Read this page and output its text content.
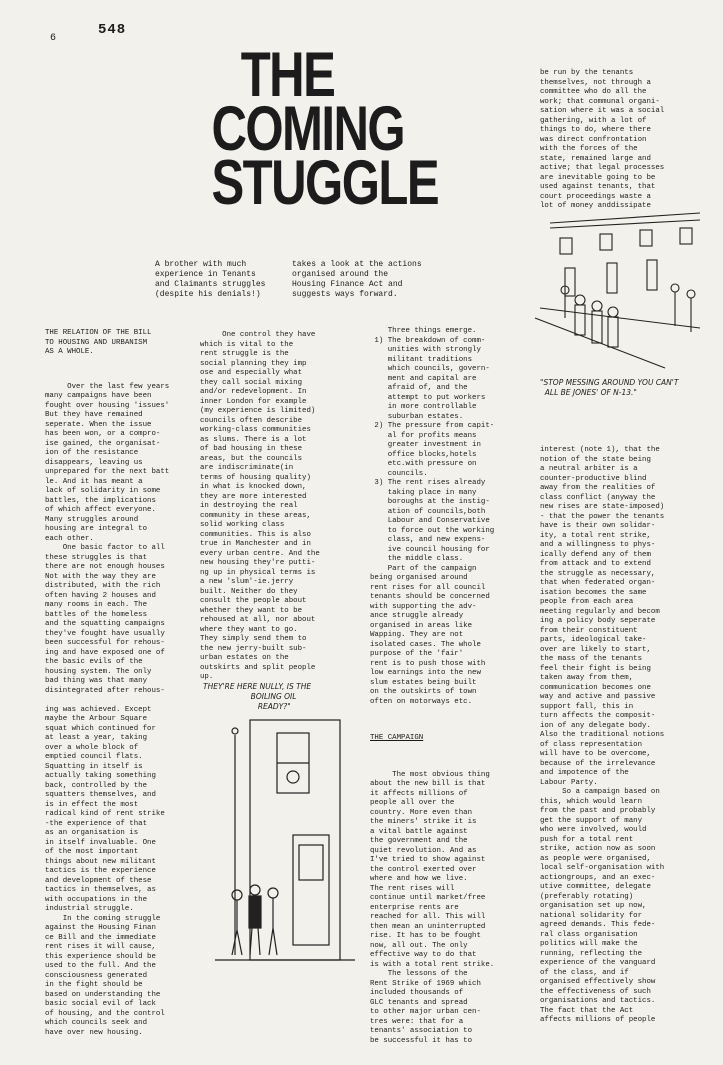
6
548
THE
COMING
STUGGLE
A brother with much
experience in Tenants
and Claimants struggles
(despite his denials!)
takes a look at the actions
organised around the
Housing Finance Act and
suggests ways forward.

THE RELATION OF THE BILL
TO HOUSING AND URBANISM
AS A WHOLE.

Over the last few years
many campaigns have been
fought over housing 'issues'
But they have remained
seperate. When the issue
has been won, or a compro-
ise gained, the organisat-
ion of the resistance
disappears, leaving us
unprepared for the next batt
le. And it has meant a
lack of solidarity in some
battles, the implications
of which affect everyone.
Many struggles around
housing are integral to
each other.
One basic factor to all
these struggles is that
there are not enough houses
Not with the way they are
distributed, with the rich
often having 2 houses and
many rooms in each. The
battles of the homeless
and the squatting campaigns
they've fought have usually
been successful for rehous-
ing and have exposed one of
the basic evils of the
housing system. The only
bad thing was that many
disintegrated after rehous-

ing was achieved. Except
maybe the Arbour Square
squat which continued for
at least a year, taking
over a whole block of
emptied council flats.
Squatting in itself is
actually taking something
back, controlled by the
squatters themselves, and
is in effect the most
radical kind of rent strike
-the experience of that
as an organisation is
in itself invaluable. One
of the most important
things about new militant
tactics is the experience
and development of these
tactics in themselves, as
with occupations in the
industrial struggle.
In the coming struggle
against the Housing Finan
ce Bill and the immediate
rent rises it will cause,
this experience should be
used to the full. And the
consciousness generated
in the fight should be
based on understanding the
basic social evil of lack
of housing, and the control
which councils seek and
have over new housing.

One control they have
which is vital to the
rent struggle is the
social planning they imp
ose and especially what
they call social mixing
and/or redevelopment. In
inner London for example
(my experience is limited)
councils often describe
working-class communities
as slums. There is a lot
of bad housing in these
areas, but the councils
are indiscriminate(in
terms of housing quality)
in what is knocked down,
they are more interested
in destroying the real
community in these areas,
solid working class
communities. This is also
true in Manchester and in
every urban centre. And the
new housing they're putti-
ng up in physical terms is
a new 'slum'-ie.jerry
built. Neither do they
consult the people about
whether they want to be
rehoused at all, nor about
where they want to go.
They simply send them to
the new jerry-built sub-
urban estates on the
outskirts and split people
up.

THEY'RE HERE NULLY, IS THE
BOILING OIL
READY?"

Three things emerge.
1) The breakdown of comm-
unities with strongly
militant traditions
which councils, govern-
ment and capital are
afraid of, and the
attempt to put workers
in more controllable
suburban estates.
2) The pressure from capit-
al for profits means
greater investment in
office blocks,hotels
etc.with pressure on
councils.
3) The rent rises already
taking place in many
boroughs at the instig-
ation of councils,both
Labour and Conservative
to force out the working
class, and new expens-
ive council housing for
the middle class.
Part of the campaign
being organised around
rent rises for all council
tenants should be concerned
with supporting the adv-
ance struggle already
organised in areas like
Wapping. They are not
isolated cases. The whole
purpose of the 'fair'
rent is to push those with
low earnings into the new
slum estates being built
on the outskirts of town
often on motorways etc.

THE CAMPAIGN

The most obvious thing
about the new bill is that
it affects millions of
people all over the
country. More even than
the miners' strike it is
a vital battle against
the government and the
quiet revolution. And as
I've tried to show against
the control exerted over
where and how we live.
The rent rises will
continue until market/free
enterprise rents are
reached for all. This will
then mean an uninterrupted
rise. It has to be fought
now, all out. The only
effective way to do that
is with a total rent strike.
The lessons of the
Rent Strike of 1969 which
included thousands of
GLC tenants and spread
to other major urban cen-
tres were: that for a
tenants' association to
be successful it has to

be run by the tenants
themselves, not through a
committee who do all the
work; that communal organi-
sation where it was a social
gathering, with a lot of
things to do, where there
was direct confrontation
with the forces of the
state, remained large and
active; that legal processes
are inevitable going to be
used against tenants, that
court proceedings waste a
lot of money anddissipate

"STOP MESSING AROUND YOU CAN'T
ALL BE JONES' OF N-13."

interest (note 1), that the
notion of the state being
a neutral arbiter is a
counter-productive blind
away from the realities of
class conflict (anyway the
new rises are state-imposed)
- that the power the tenants
have is their own solidar-
ity, a total rent strike,
and a willingness to phys-
ically defend any of them
from attack and to extend
the struggle as necessary,
that when federated organ-
isation becomes the same
people from each area
meeting regularly and becom
ing a policy body seperate
from their constituent
parts, ideological take-
over are likely to start,
the mass of the tenants
feel their fight is being
taken away from them,
communication becomes one
way and active and passive
support fall, this in
turn affects the composit-
ion of any delegate body.
Also the traditional notions
of class representation
will have to be overcome,
because of the irrelevance
and impotence of the
Labour Party.
So a campaign based on
this, which would learn
from the past and probably
get the support of many
who were involved, would
push for a total rent
strike, action now as soon
as people were organised,
local self-organisation with
actiongroups, and an exec-
utive committee, delegate
(preferably rotating)
organisation set up now,
national solidarity for
agreed demands. This fede-
ral class organisation
politics will make the
running, reflecting the
experience of the vanguard
of the class, and if
organised effectively show
the effectiveness of such
organisations and tactics.
The fact that the Act
affects millions of people
